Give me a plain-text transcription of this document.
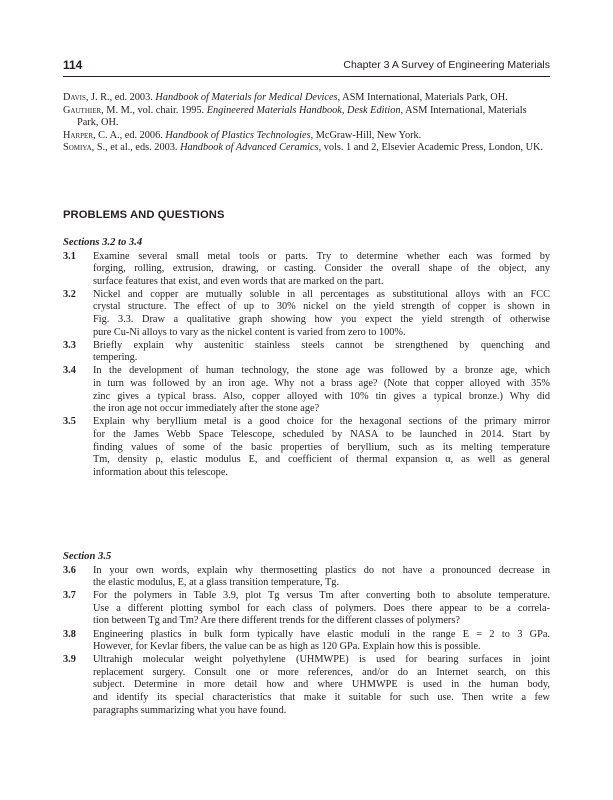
114	Chapter 3 A Survey of Engineering Materials

Davis, J. R., ed. 2003. Handbook of Materials for Medical Devices, ASM International, Materials Park, OH.

Gauthier, M. M., vol. chair. 1995. Engineered Materials Handbook, Desk Edition, ASM International, Materials Park, OH.

Harper, C. A., ed. 2006. Handbook of Plastics Technologies, McGraw-Hill, New York.

Somiya, S., et al., eds. 2003. Handbook of Advanced Ceramics, vols. 1 and 2, Elsevier Academic Press, London, UK.

PROBLEMS AND QUESTIONS
Sections 3.2 to 3.4
3.1	Examine several small metal tools or parts. Try to determine whether each was formed by
forging, rolling, extrusion, drawing, or casting. Consider the overall shape of the object, any
surface features that exist, and even words that are marked on the part.
3.2	Nickel and copper are mutually soluble in all percentages as substitutional alloys with an FCC
crystal structure. The effect of up to 30% nickel on the yield strength of copper is shown in
Fig. 3.3. Draw a qualitative graph showing how you expect the yield strength of otherwise
pure Cu-Ni alloys to vary as the nickel content is varied from zero to 100%.
3.3	Briefly explain why austenitic stainless steels cannot be strengthened by quenching and
tempering.
3.4	In the development of human technology, the stone age was followed by a bronze age, which
in turn was followed by an iron age. Why not a brass age? (Note that copper alloyed with 35%
zinc gives a typical brass. Also, copper alloyed with 10% tin gives a typical bronze.) Why did
the iron age not occur immediately after the stone age?
3.5	Explain why beryllium metal is a good choice for the hexagonal sections of the primary mirror
for the James Webb Space Telescope, scheduled by NASA to be launched in 2014. Start by
finding values of some of the basic properties of beryllium, such as its melting temperature
Tm, density ρ, elastic modulus E, and coefficient of thermal expansion α, as well as general
information about this telescope.
Section 3.5
3.6	In your own words, explain why thermosetting plastics do not have a pronounced decrease in
the elastic modulus, E, at a glass transition temperature, Tg.
3.7	For the polymers in Table 3.9, plot Tg versus Tm after converting both to absolute temperature.
Use a different plotting symbol for each class of polymers. Does there appear to be a correla-
tion between Tg and Tm? Are there different trends for the different classes of polymers?
3.8	Engineering plastics in bulk form typically have elastic moduli in the range E = 2 to 3 GPa.
However, for Kevlar fibers, the value can be as high as 120 GPa. Explain how this is possible.
3.9	Ultrahigh molecular weight polyethylene (UHMWPE) is used for bearing surfaces in joint
replacement surgery. Consult one or more references, and/or do an Internet search, on this
subject. Determine in more detail how and where UHMWPE is used in the human body,
and identify its special characteristics that make it suitable for such use. Then write a few
paragraphs summarizing what you have found.
